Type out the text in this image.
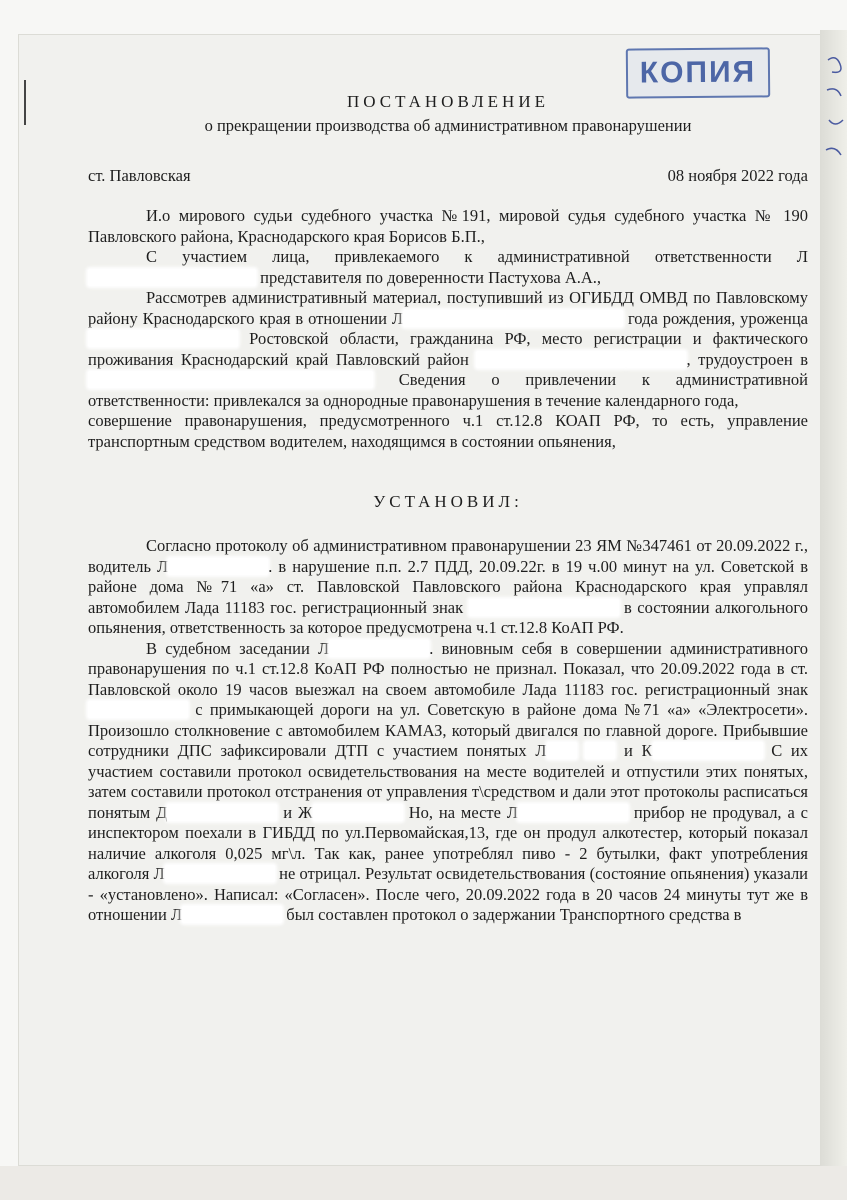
КОПИЯ
ПОСТАНОВЛЕНИЕ
о прекращении производства об административном правонарушении
ст. Павловская	08 ноября 2022 года

И.о мирового судьи судебного участка №191, мировой судья судебного участка № 190 Павловского района, Краснодарского края Борисов Б.П.,

С участием лица, привлекаемого к административной ответственности Л представителя по доверенности Пастухова А.А.,

Рассмотрев административный материал, поступивший из ОГИБДД ОМВД по Павловскому району Краснодарского края в отношении Л	года рождения, уроженца  Ростовской области, гражданина РФ, место регистрации и фактического проживания Краснодарский край Павловский район	, трудоустроен в  Сведения о привлечении к административной ответственности: привлекался за однородные правонарушения в течение календарного года,

совершение правонарушения, предусмотренного ч.1 ст.12.8 КОАП РФ, то есть, управление транспортным средством водителем, находящимся в состоянии опьянения,

УСТАНОВИЛ:

Согласно протоколу об административном правонарушении 23 ЯМ №347461 от 20.09.2022 г., водитель Л	. в нарушение п.п. 2.7 ПДД, 20.09.22г. в 19 ч.00 минут на ул. Советской в районе дома №71 «а» ст. Павловской Павловского района Краснодарского края управлял автомобилем Лада 11183 гос. регистрационный знак	в состоянии алкогольного опьянения, ответственность за которое предусмотрена ч.1 ст.12.8 КоАП РФ.

В судебном заседании Л	. виновным себя в совершении административного правонарушения по ч.1 ст.12.8 КоАП РФ полностью не признал. Показал, что 20.09.2022 года в ст. Павловской около 19 часов выезжал на своем автомобиле Лада 11183 гос. регистрационный знак  с примыкающей дороги на ул. Советскую в районе дома №71 «а» «Электросети». Произошло столкновение с автомобилем КАМАЗ, который двигался по главной дороге. Прибывшие сотрудники ДПС зафиксировали ДТП с участием понятых Л	и К	С их участием составили протокол освидетельствования на месте водителей и отпустили этих понятых, затем составили протокол отстранения от управления т\средством и дали этот протоколы расписаться понятым Д	и Ж	Но, на месте Л	прибор не продувал, а с инспектором поехали в ГИБДД по ул.Первомайская,13, где он продул алкотестер, который показал наличие алкоголя 0,025 мг\л. Так как, ранее употреблял пиво - 2 бутылки, факт употребления алкоголя Л	не отрицал. Результат освидетельствования (состояние опьянения) указали - «установлено». Написал: «Согласен». После чего, 20.09.2022 года в 20 часов 24 минуты тут же в отношении Л	был составлен протокол о задержании Транспортного средства в
